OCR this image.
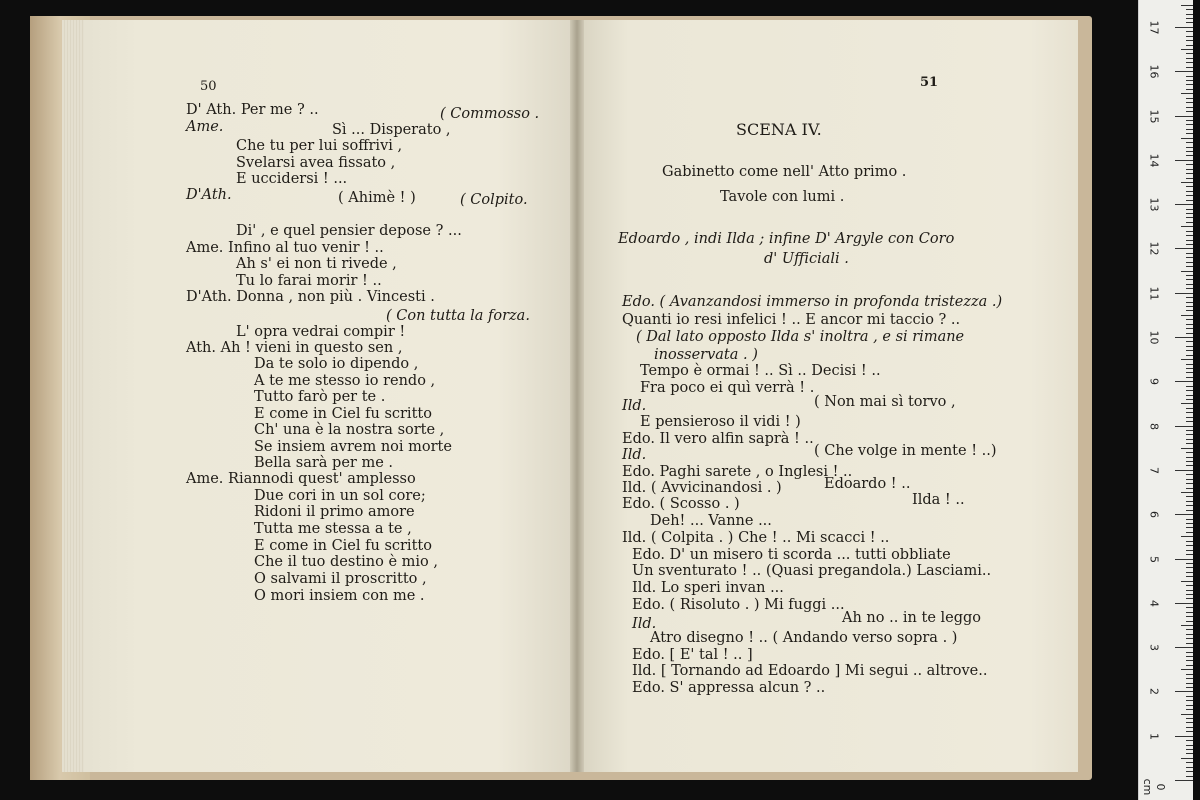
50
D' Ath. Per me ? ..	( Commosso .
Ame.	Sì ... Disperato ,
Che tu per lui soffrivi ,
Svelarsi avea fissato ,
E uccidersi ! ...
D'Ath.	( Ahimè ! )	( Colpito.
Di' , e quel pensier depose ? ...
Ame. Infino al tuo venir ! ..
Ah s' ei non ti rivede ,
Tu lo farai morir ! ..
D'Ath. Donna , non più . Vincesti .
( Con tutta la forza.
L' opra vedrai compir !
Ath. Ah ! vieni in questo sen ,
Da te solo io dipendo ,
A te me stesso io rendo ,
Tutto farò per te .
E come in Ciel fu scritto
Ch' una è la nostra sorte ,
Se insiem avrem noi morte
Bella sarà per me .
Ame. Riannodi quest' amplesso
Due cori in un sol core;
Ridoni il primo amore
Tutta me stessa a te ,
E come in Ciel fu scritto
Che il tuo destino è mio ,
O salvami il proscritto ,
O mori insiem con me .
51
SCENA IV.
Gabinetto come nell' Atto primo .
Tavole con lumi .
Edoardo , indi Ilda ; infine D' Argyle con Coro
d' Ufficiali .
Edo. ( Avanzandosi immerso in profonda tristezza .)
Quanti io resi infelici ! .. E ancor mi taccio ? ..
( Dal lato opposto Ilda s' inoltra , e si rimane
inosservata . )
Tempo è ormai ! .. Sì .. Decisi ! ..
Fra poco ei quì verrà ! .
Ild.	( Non mai sì torvo ,
E pensieroso il vidi ! )
Edo. Il vero alfin saprà ! ..
Ild.	( Che volge in mente ! ..)
Edo. Paghi sarete , o Inglesi ! ..
Ild. ( Avvicinandosi . )	Edoardo ! ..
Edo. ( Scosso . )	Ilda ! ..
Deh! ... Vanne ...
Ild. ( Colpita . ) Che ! .. Mi scacci ! ..
Edo. D' un misero ti scorda ... tutti obbliate
Un sventurato ! .. (Quasi pregandola.) Lasciami..
Ild. Lo speri invan ...
Edo. ( Risoluto . ) Mi fuggi ...
Ild.	Ah no .. in te leggo
Atro disegno ! .. ( Andando verso sopra . )
Edo. [ E' tal ! .. ]
Ild. [ Tornando ad Edoardo ] Mi segui .. altrove..
Edo. S' appressa alcun ? ..
17
16
15
14
13
12
11
10
9
8
7
6
5
4
3
2
1
0 cm
